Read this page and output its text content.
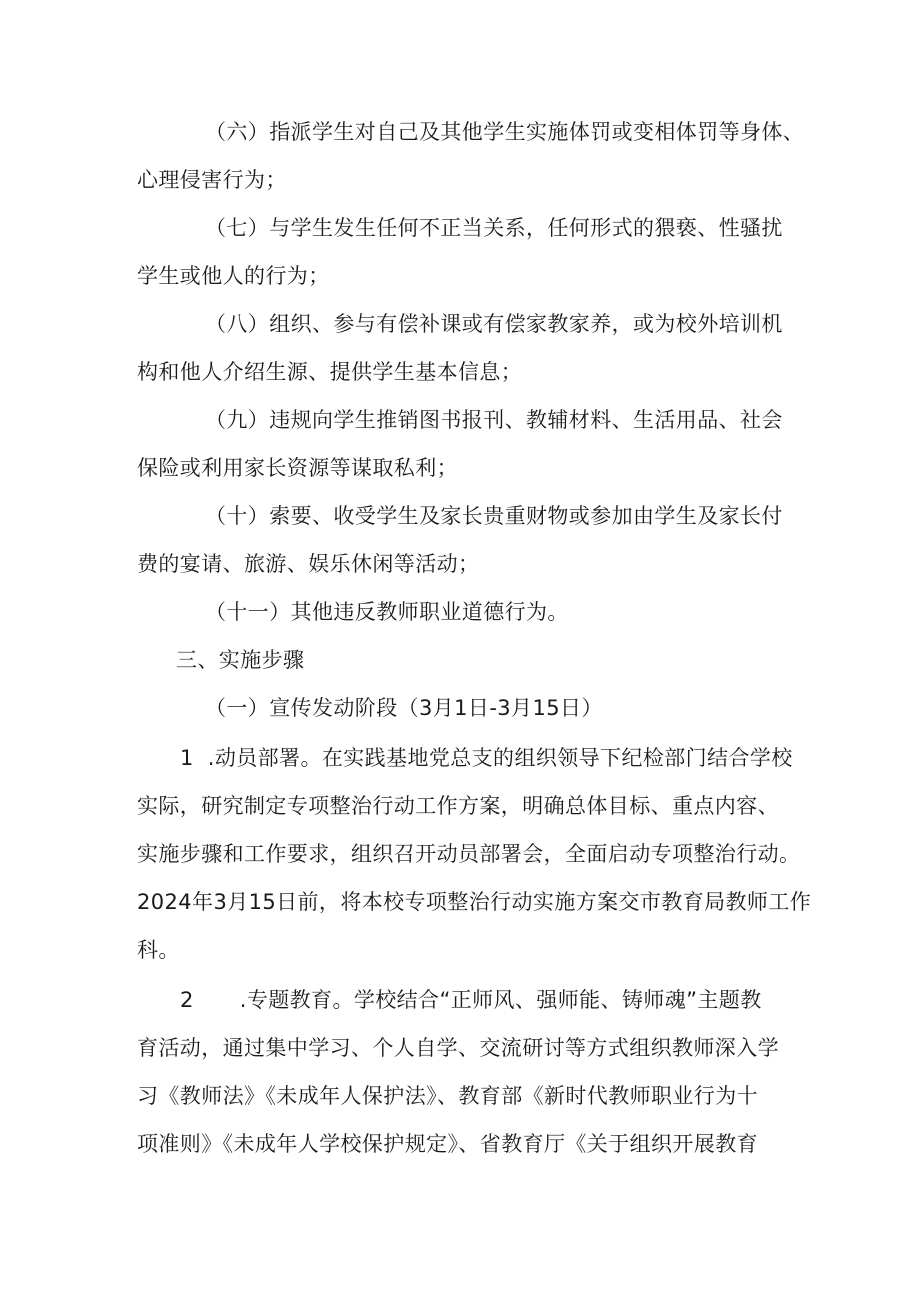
（六）指派学生对自己及其他学生实施体罚或变相体罚等身体、
心理侵害行为；
（七）与学生发生任何不正当关系，任何形式的猥亵、性骚扰
学生或他人的行为；
（八）组织、参与有偿补课或有偿家教家养，或为校外培训机
构和他人介绍生源、提供学生基本信息；
（九）违规向学生推销图书报刊、教辅材料、生活用品、社会
保险或利用家长资源等谋取私利；
（十）索要、收受学生及家长贵重财物或参加由学生及家长付
费的宴请、旅游、娱乐休闲等活动；
（十一）其他违反教师职业道德行为。
三、实施步骤
（一）宣传发动阶段（3月1日-3月15日）
1 .动员部署。在实践基地党总支的组织领导下纪检部门结合学校
实际，研究制定专项整治行动工作方案，明确总体目标、重点内容、
实施步骤和工作要求，组织召开动员部署会，全面启动专项整治行动。
2024年3月15日前，将本校专项整治行动实施方案交市教育局教师工作
科。
2 .专题教育。学校结合“正师风、强师能、铸师魂”主题教
育活动，通过集中学习、个人自学、交流研讨等方式组织教师深入学
习《教师法》《未成年人保护法》、教育部《新时代教师职业行为十
项准则》《未成年人学校保护规定》、省教育厅《关于组织开展教育
